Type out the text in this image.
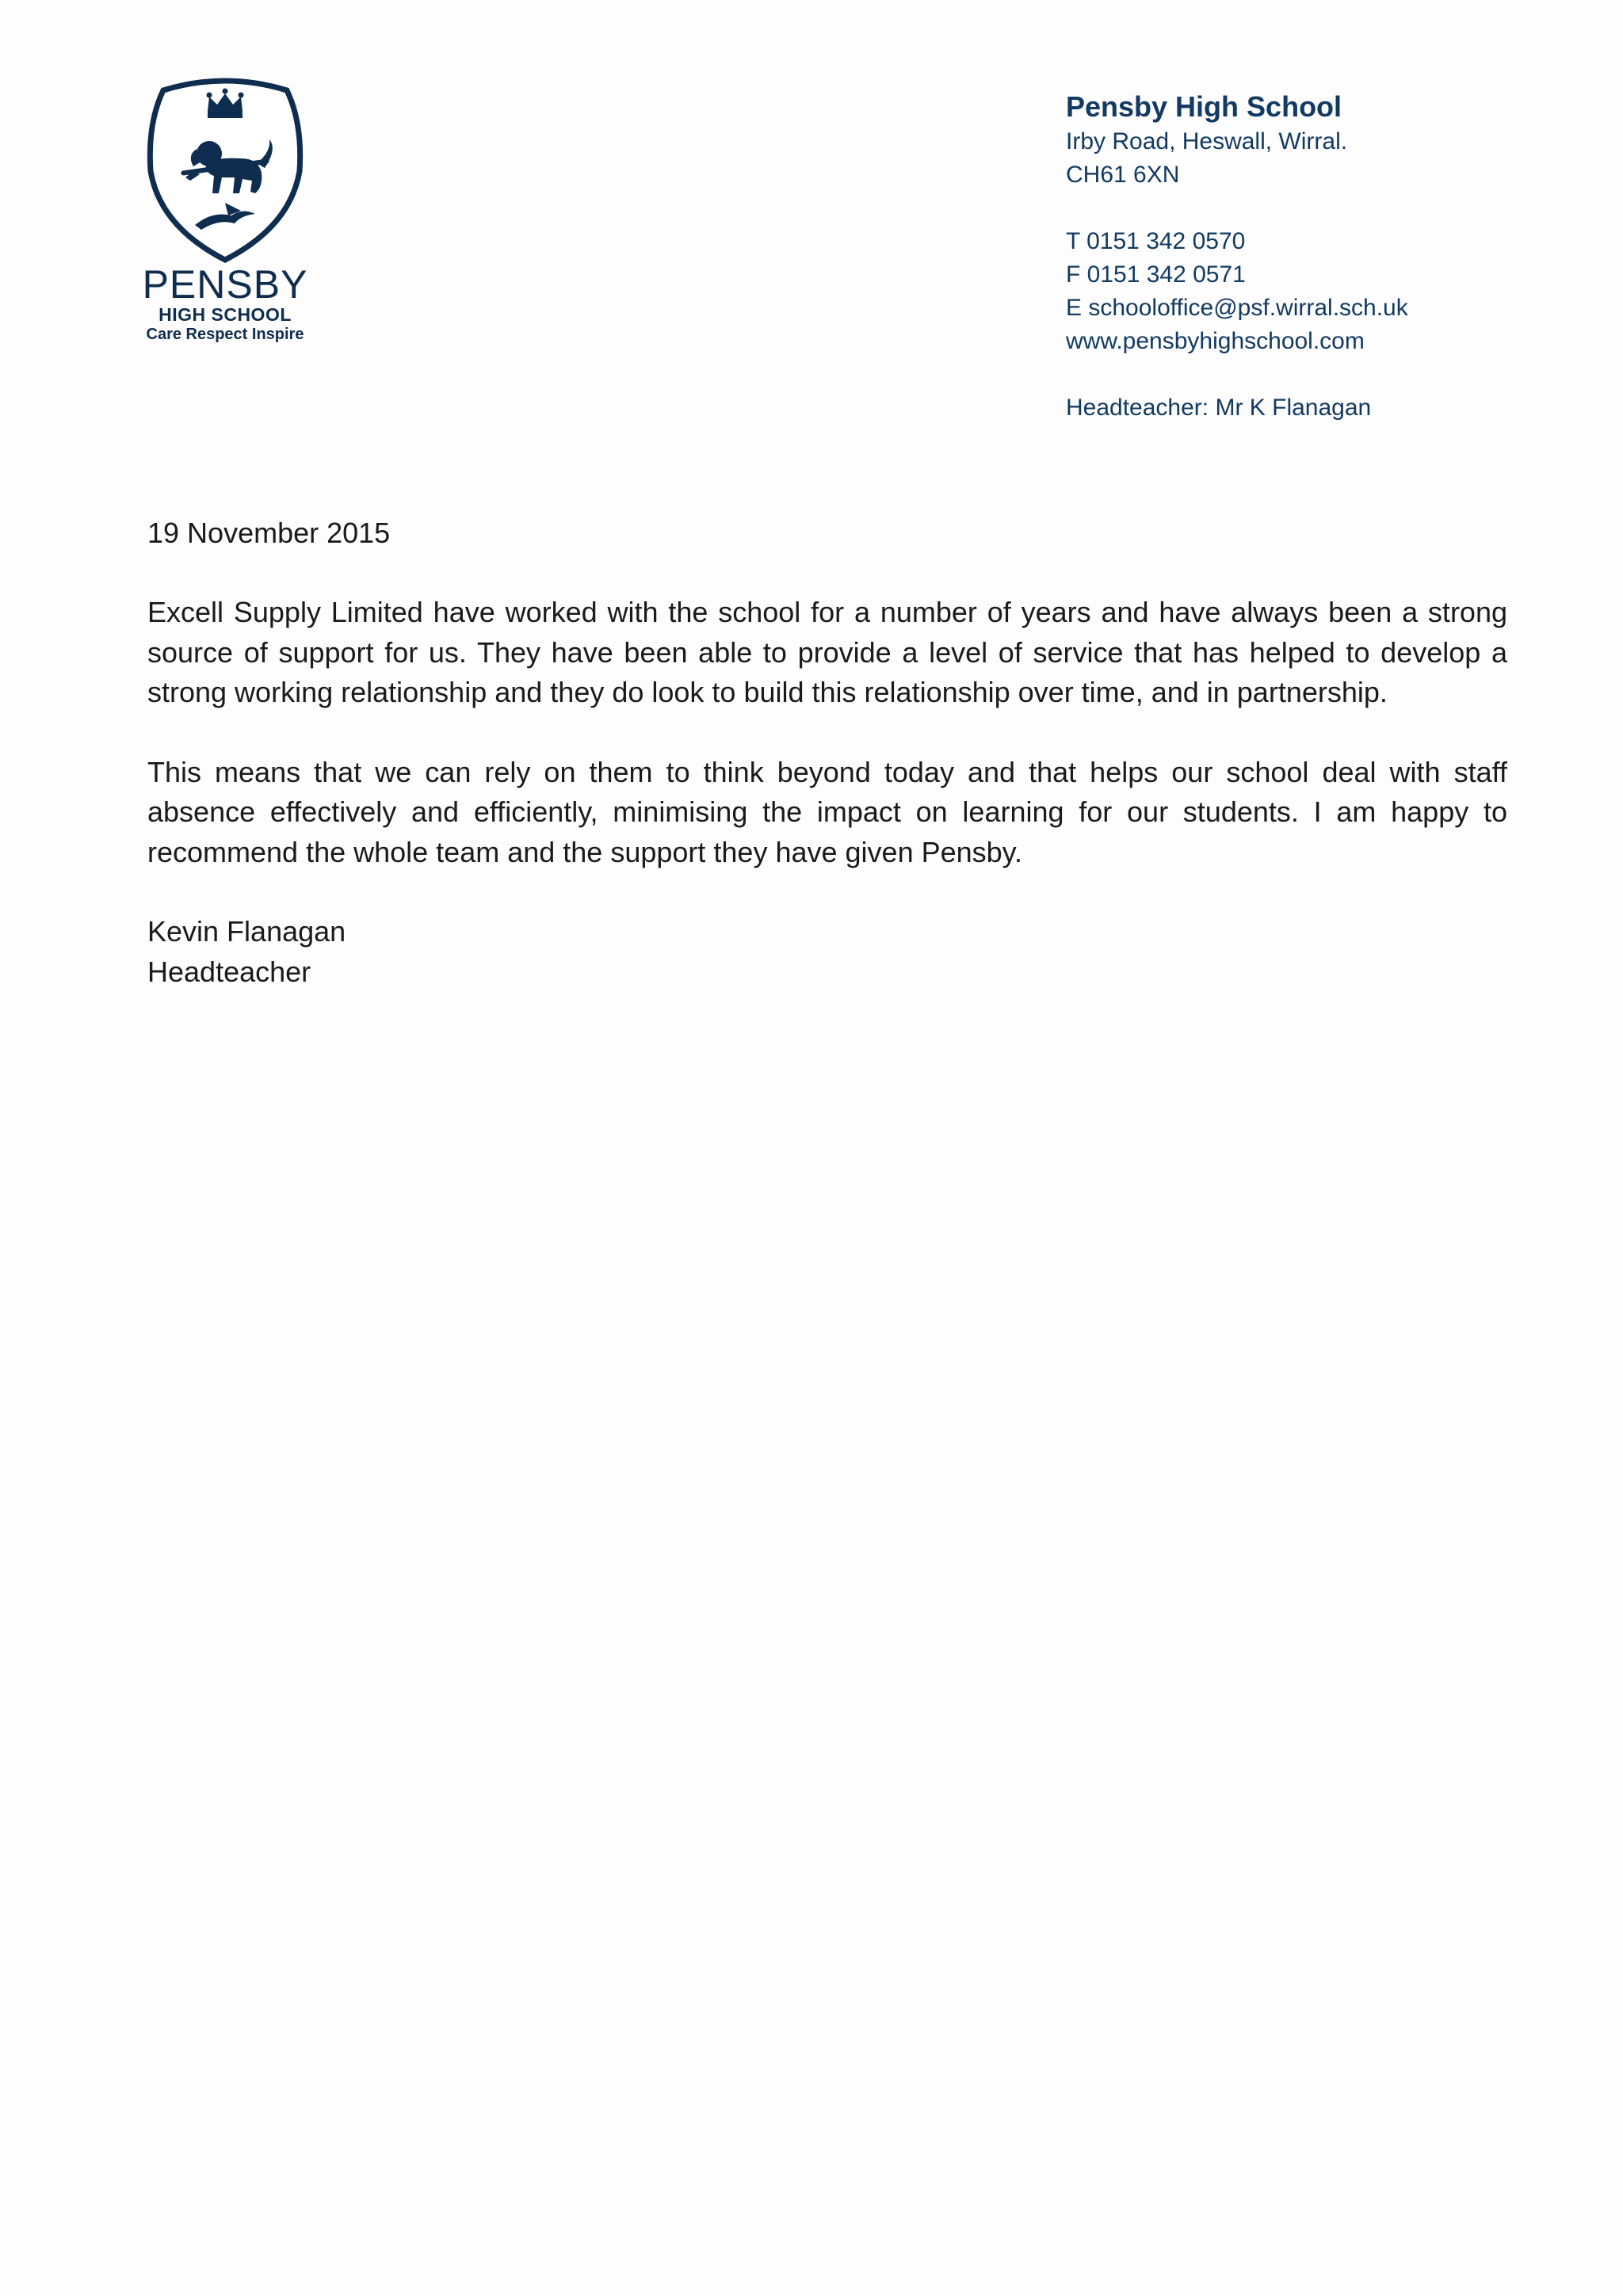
PENSBY
HIGH SCHOOL
Care Respect Inspire
Pensby High School
Irby Road, Heswall, Wirral.
CH61 6XN
T 0151 342 0570
F 0151 342 0571
E schooloffice@psf.wirral.sch.uk
www.pensbyhighschool.com
Headteacher: Mr K Flanagan
19 November 2015
Excell Supply Limited have worked with the school for a number of years and have always been a strong source of support for us. They have been able to provide a level of service that has helped to develop a strong working relationship and they do look to build this relationship over time, and in partnership.
This means that we can rely on them to think beyond today and that helps our school deal with staff absence effectively and efficiently, minimising the impact on learning for our students. I am happy to recommend the whole team and the support they have given Pensby.
Kevin Flanagan
Headteacher
